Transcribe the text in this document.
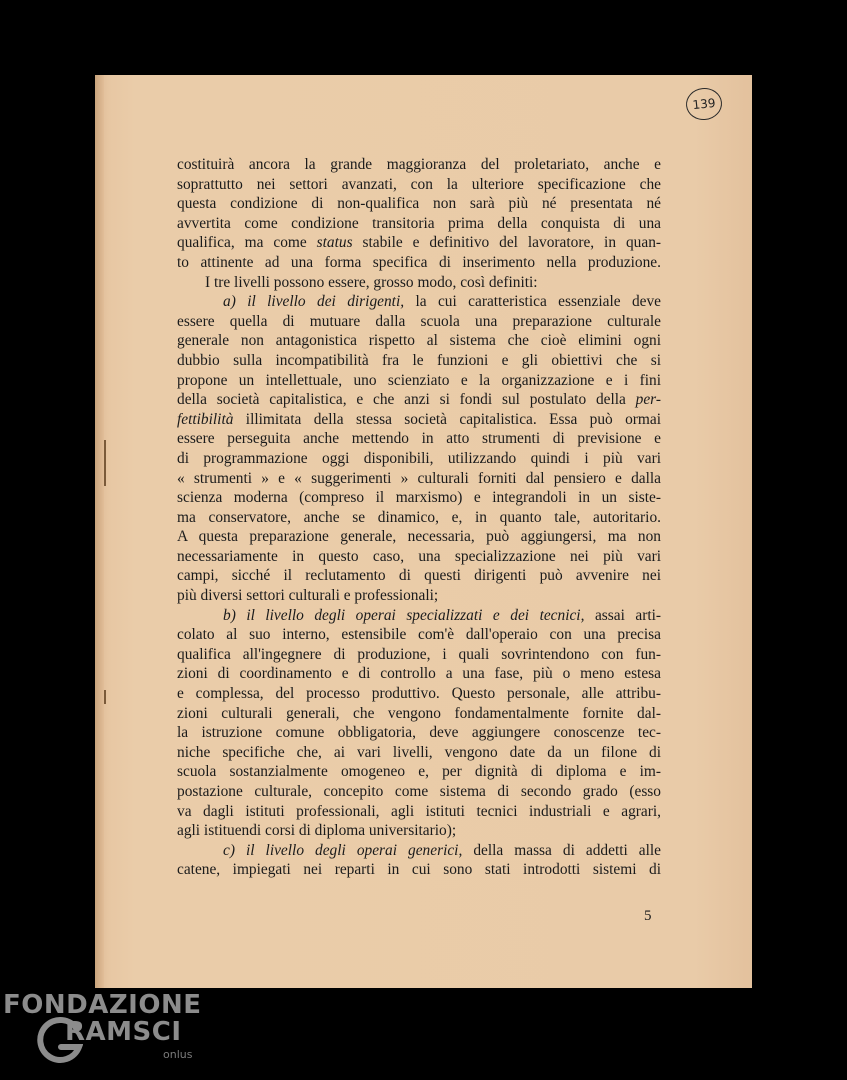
139
costituirà ancora la grande maggioranza del proletariato, anche e
soprattutto nei settori avanzati, con la ulteriore specificazione che
questa condizione di non-qualifica non sarà più né presentata né
avvertita come condizione transitoria prima della conquista di una
qualifica, ma come status stabile e definitivo del lavoratore, in quan-
to attinente ad una forma specifica di inserimento nella produzione.
I tre livelli possono essere, grosso modo, così definiti:
a) il livello dei dirigenti, la cui caratteristica essenziale deve
essere quella di mutuare dalla scuola una preparazione culturale
generale non antagonistica rispetto al sistema che cioè elimini ogni
dubbio sulla incompatibilità fra le funzioni e gli obiettivi che si
propone un intellettuale, uno scienziato e la organizzazione e i fini
della società capitalistica, e che anzi si fondi sul postulato della per-
fettibilità illimitata della stessa società capitalistica. Essa può ormai
essere perseguita anche mettendo in atto strumenti di previsione e
di programmazione oggi disponibili, utilizzando quindi i più vari
« strumenti » e « suggerimenti » culturali forniti dal pensiero e dalla
scienza moderna (compreso il marxismo) e integrandoli in un siste-
ma conservatore, anche se dinamico, e, in quanto tale, autoritario.
A questa preparazione generale, necessaria, può aggiungersi, ma non
necessariamente in questo caso, una specializzazione nei più vari
campi, sicché il reclutamento di questi dirigenti può avvenire nei
più diversi settori culturali e professionali;
b) il livello degli operai specializzati e dei tecnici, assai arti-
colato al suo interno, estensibile com'è dall'operaio con una precisa
qualifica all'ingegnere di produzione, i quali sovrintendono con fun-
zioni di coordinamento e di controllo a una fase, più o meno estesa
e complessa, del processo produttivo. Questo personale, alle attribu-
zioni culturali generali, che vengono fondamentalmente fornite dal-
la istruzione comune obbligatoria, deve aggiungere conoscenze tec-
niche specifiche che, ai vari livelli, vengono date da un filone di
scuola sostanzialmente omogeneo e, per dignità di diploma e im-
postazione culturale, concepito come sistema di secondo grado (esso
va dagli istituti professionali, agli istituti tecnici industriali e agrari,
agli istituendi corsi di diploma universitario);
c) il livello degli operai generici, della massa di addetti alle
catene, impiegati nei reparti in cui sono stati introdotti sistemi di
5
FONDAZIONE
RAMSCI
onlus
